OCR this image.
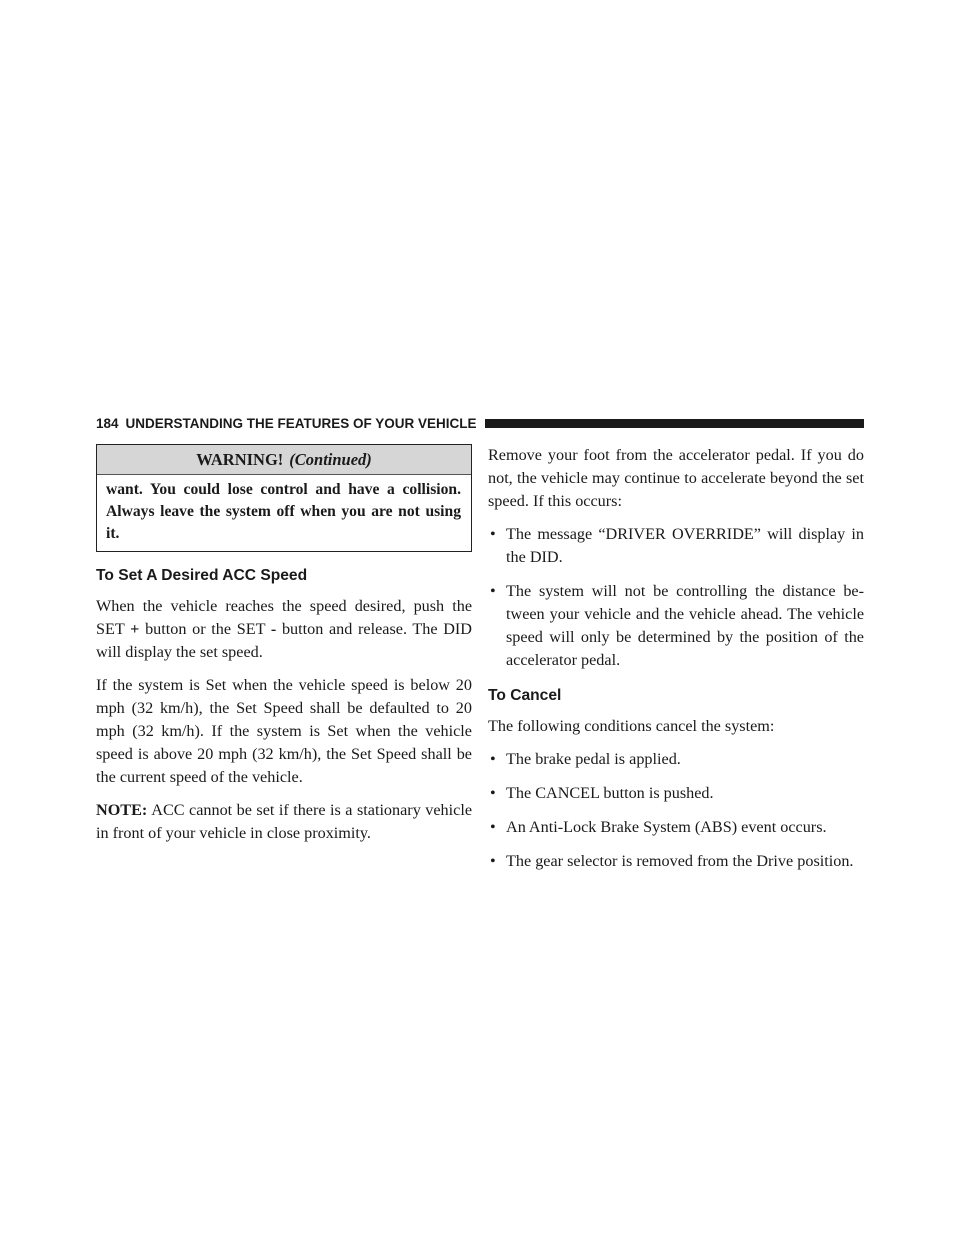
184 UNDERSTANDING THE FEATURES OF YOUR VEHICLE
WARNING! (Continued)
want. You could lose control and have a collision. Always leave the system off when you are not using it.
To Set A Desired ACC Speed

When the vehicle reaches the speed desired, push the SET + button or the SET - button and release. The DID will display the set speed.

If the system is Set when the vehicle speed is below 20 mph (32 km/h), the Set Speed shall be defaulted to 20 mph (32 km/h). If the system is Set when the vehicle speed is above 20 mph (32 km/h), the Set Speed shall be the current speed of the vehicle.

NOTE: ACC cannot be set if there is a stationary vehicle in front of your vehicle in close proximity.

Remove your foot from the accelerator pedal. If you do not, the vehicle may continue to accelerate beyond the set speed. If this occurs:

• The message “DRIVER OVERRIDE” will display in the DID.
• The system will not be controlling the distance be- tween your vehicle and the vehicle ahead. The vehicle speed will only be determined by the position of the accelerator pedal.
To Cancel

The following conditions cancel the system:

• The brake pedal is applied.
• The CANCEL button is pushed.
• An Anti-Lock Brake System (ABS) event occurs.
• The gear selector is removed from the Drive position.
